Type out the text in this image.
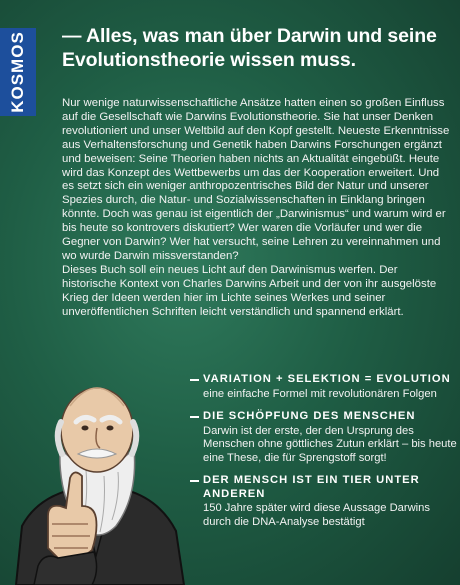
KOSMOS — Alles, was man über Darwin und seine Evolutionstheorie wissen muss.

Nur wenige naturwissenschaftliche Ansätze hatten einen so großen Einfluss auf die Gesellschaft wie Darwins Evolutionstheorie. Sie hat unser Denken revolutioniert und unser Weltbild auf den Kopf gestellt. Neueste Erkenntnisse aus Verhaltensforschung und Genetik haben Darwins Forschungen ergänzt und beweisen: Seine Theorien haben nichts an Aktualität eingebüßt. Heute wird das Konzept des Wettbewerbs um das der Kooperation erweitert. Und es setzt sich ein weniger anthropozentrisches Bild der Natur und unserer Spezies durch, die Natur- und Sozialwissenschaften in Einklang bringen könnte. Doch was genau ist eigentlich der „Darwinismus“ und warum wird er bis heute so kontrovers diskutiert? Wer waren die Vorläufer und wer die Gegner von Darwin? Wer hat versucht, seine Lehren zu vereinnahmen und wo wurde Darwin missverstanden?

Dieses Buch soll ein neues Licht auf den Darwinismus werfen. Der historische Kontext von Charles Darwins Arbeit und der von ihr ausgelöste Krieg der Ideen werden hier im Lichte seines Werkes und seiner unveröffentlichen Schriften leicht verständlich und spannend erklärt.

VARIATION + SELEKTION = EVOLUTION
eine einfache Formel mit revolutionären Folgen
DIE SCHÖPFUNG DES MENSCHEN
Darwin ist der erste, der den Ursprung des Menschen ohne göttliches Zutun erklärt – bis heute eine These, die für Sprengstoff sorgt!
DER MENSCH IST EIN TIER UNTER ANDEREN
150 Jahre später wird diese Aussage Darwins durch die DNA-Analyse bestätigt
